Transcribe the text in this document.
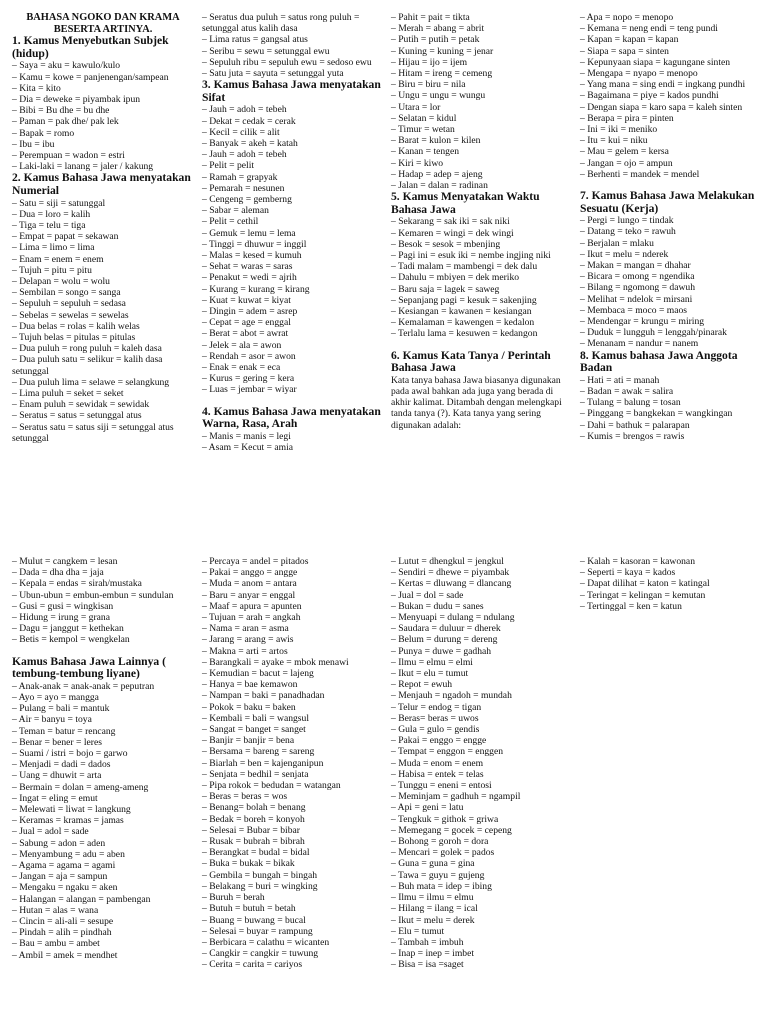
BAHASA NGOKO DAN KRAMA BESERTA ARTINYA.

1. Kamus Menyebutkan Subjek (hidup)

– Saya = aku = kawulo/kulo

– Kamu = kowe = panjenengan/sampean

– Kita = kito

– Dia = deweke = piyambak ipun

– Bibi = Bu dhe = bu dhe

– Paman = pak dhe/ pak lek

– Bapak = romo

– Ibu = ibu

– Perempuan = wadon = estri

– Laki-laki = lanang = jaler / kakung

2. Kamus Bahasa Jawa menyatakan Numerial

– Satu = siji = satunggal

– Dua = loro = kalih

– Tiga = telu = tiga

– Empat = papat = sekawan

– Lima = limo = lima

– Enam = enem = enem

– Tujuh = pitu = pitu

– Delapan = wolu = wolu

– Sembilan = songo = sanga

– Sepuluh = sepuluh = sedasa

– Sebelas = sewelas = sewelas

– Dua belas = rolas = kalih welas

– Tujuh belas = pitulas = pitulas

– Dua puluh = rong puluh = kaleh dasa

– Dua puluh satu = selikur = kalih dasa setunggal

– Dua puluh lima = selawe = selangkung

– Lima puluh = seket = seket

– Enam puluh = sewidak = sewidak

– Seratus = satus = setunggal atus

– Seratus satu = satus siji = setunggal atus setunggal

– Seratus dua puluh = satus rong puluh = setunggal atus kalih dasa

– Lima ratus = gangsal atus

– Seribu = sewu = setunggal ewu

– Sepuluh ribu = sepuluh ewu = sedoso ewu

– Satu juta = sayuta = setunggal yuta

3. Kamus Bahasa Jawa menyatakan Sifat

– Jauh = adoh = tebeh

– Dekat = cedak = cerak

– Kecil = cilik = alit

– Banyak = akeh = katah

– Jauh = adoh = tebeh

– Pelit = pelit

– Ramah = grapyak

– Pemarah = nesunen

– Cengeng = gemberng

– Sabar = aleman

– Pelit = cethil

– Gemuk = lemu = lema

– Tinggi = dhuwur = inggil

– Malas = kesed = kumuh

– Sehat = waras = saras

– Penakut = wedi = ajrih

– Kurang = kurang = kirang

– Kuat = kuwat = kiyat

– Dingin = adem = asrep

– Cepat = age = enggal

– Berat = abot = awrat

– Jelek = ala = awon

– Rendah = asor = awon

– Enak = enak = eca

– Kurus = gering = kera

– Luas = jembar = wiyar

4. Kamus Bahasa Jawa menyatakan Warna, Rasa, Arah

– Manis = manis = legi

– Asam = Kecut = amia

– Pahit = pait = tikta

– Merah = abang = abrit

– Putih = putih = petak

– Kuning = kuning = jenar

– Hijau = ijo = ijem

– Hitam = ireng = cemeng

– Biru = biru = nila

– Ungu = ungu = wungu

– Utara = lor

– Selatan = kidul

– Timur = wetan

– Barat = kulon = kilen

– Kanan = tengen

– Kiri = kiwo

– Hadap = adep = ajeng

– Jalan = dalan = radinan

5. Kamus Menyatakan Waktu Bahasa Jawa

– Sekarang = sak iki = sak niki

– Kemaren = wingi = dek wingi

– Besok = sesok = mbenjing

– Pagi ini = esuk iki = nembe ingjing niki

– Tadi malam = mambengi = dek dalu

– Dahulu = mbiyen = dek meriko

– Baru saja = lagek = saweg

– Sepanjang pagi = kesuk = sakenjing

– Kesiangan = kawanen = kesiangan

– Kemalaman = kawengen = kedalon

– Terlalu lama = kesuwen = kedangon

6. Kamus Kata Tanya / Perintah Bahasa Jawa

Kata tanya bahasa Jawa biasanya digunakan pada awal bahkan ada juga yang berada di akhir kalimat. Ditambah dengan melengkapi tanda tanya (?). Kata tanya yang sering digunakan adalah:

– Apa = nopo = menopo

– Kemana = neng endi = teng pundi

– Kapan = kapan = kapan

– Siapa = sapa = sinten

– Kepunyaan siapa = kagungane sinten

– Mengapa = nyapo = menopo

– Yang mana = sing endi = ingkang pundhi

– Bagaimana = piye = kados pundhi

– Dengan siapa = karo sapa = kaleh sinten

– Berapa = pira = pinten

– Ini = iki = meniko

– Itu = kui = niku

– Mau = gelem = kersa

– Jangan = ojo = ampun

– Berhenti = mandek = mendel

7. Kamus Bahasa Jawa Melakukan Sesuatu (Kerja)

– Pergi = lungo = tindak

– Datang = teko = rawuh

– Berjalan = mlaku

– Ikut = melu = nderek

– Makan = mangan = dhahar

– Bicara = omong = ngendika

– Bilang = ngomong = dawuh

– Melihat = ndelok = mirsani

– Membaca = moco = maos

– Mendengar = krungu = miring

– Duduk = lungguh = lenggah/pinarak

– Menanam = nandur = nanem

8. Kamus bahasa Jawa Anggota Badan

– Hati = ati = manah

– Badan = awak = salira

– Tulang = balung = tosan

– Pinggang = bangkekan = wangkingan

– Dahi = bathuk = palarapan

– Kumis = brengos = rawis

– Mulut = cangkem = lesan

– Dada = dha dha = jaja

– Kepala = endas = sirah/mustaka

– Ubun-ubun = embun-embun = sundulan

– Gusi = gusi = wingkisan

– Hidung = irung = grana

– Dagu = janggut = kethekan

– Betis = kempol = wengkelan

Kamus Bahasa Jawa Lainnya ( tembung-tembung liyane)

– Anak-anak = anak-anak = peputran

– Ayo = ayo = mangga

– Pulang = bali = mantuk

– Air = banyu = toya

– Teman = batur = rencang

– Benar = bener = leres

– Suami / istri = bojo = garwo

– Menjadi = dadi = dados

– Uang = dhuwit = arta

– Bermain = dolan = ameng-ameng

– Ingat = eling = emut

– Melewati = liwat = langkung

– Keramas = kramas = jamas

– Jual = adol = sade

– Sabung = adon = aden

– Menyambung = adu = aben

– Agama = agama = agami

– Jangan = aja = sampun

– Mengaku = ngaku = aken

– Halangan = alangan = pambengan

– Hutan = alas = wana

– Cincin = ali-ali = sesupe

– Pindah = alih = pindhah

– Bau = ambu = ambet

– Ambil = amek = mendhet

– Percaya = andel = pitados

– Pakai = anggo = angge

– Muda = anom = antara

– Baru = anyar = enggal

– Maaf = apura = apunten

– Tujuan = arah = angkah

– Nama = aran = asma

– Jarang = arang = awis

– Makna = arti = artos

– Barangkali = ayake = mbok menawi

– Kemudian = bacut = lajeng

– Hanya = bae kemawon

– Nampan = baki = panadhadan

– Pokok = baku = baken

– Kembali = bali = wangsul

– Sangat = banget = sanget

– Banjir = banjir = bena

– Bersama = bareng = sareng

– Biarlah = ben = kajenganipun

– Senjata = bedhil = senjata

– Pipa rokok = bedudan = watangan

– Beras = beras = wos

– Benang= bolah = benang

– Bedak = boreh = konyoh

– Selesai = Bubar = bibar

– Rusak = bubrah = bibrah

– Berangkat = budal = bidal

– Buka = bukak = bikak

– Gembila = bungah = bingah

– Belakang = buri = wingking

– Buruh = berah

– Butuh = butuh = betah

– Buang = buwang = bucal

– Selesai = buyar = rampung

– Berbicara = calathu = wicanten

– Cangkir = cangkir = tuwung

– Cerita = carita = cariyos

– Lutut = dhengkul = jengkul

– Sendiri = dhewe = piyambak

– Kertas = dluwang = dlancang

– Jual = dol = sade

– Bukan = dudu = sanes

– Menyuapi = dulang = ndulang

– Saudara = duluur = dherek

– Belum = durung = dereng

– Punya = duwe = gadhah

– Ilmu = elmu = elmi

– Ikut = elu = tumut

– Repot = ewuh

– Menjauh = ngadoh = mundah

– Telur = endog = tigan

– Beras= beras = uwos

– Gula = gulo = gendis

– Pakai = enggo = engge

– Tempat = enggon = enggen

– Muda = enom = enem

– Habisa = entek = telas

– Tunggu = eneni = entosi

– Meminjam = gadhuh = ngampil

– Api = geni = latu

– Tengkuk = githok = griwa

– Memegang = gocek = cepeng

– Bohong = goroh = dora

– Mencari = golek = pados

– Guna = guna = gina

– Tawa = guyu = gujeng

– Buh mata = idep = ibing

– Ilmu = ilmu = elmu

– Hilang = ilang = ical

– Ikut = melu = derek

– Elu = tumut

– Tambah = imbuh

– Inap = inep = imbet

– Bisa = isa =saget

– Kalah = kasoran = kawonan

– Seperti = kaya = kados

– Dapat dilihat = katon = katingal

– Teringat = kelingan = kemutan

– Tertinggal = ken = katun
